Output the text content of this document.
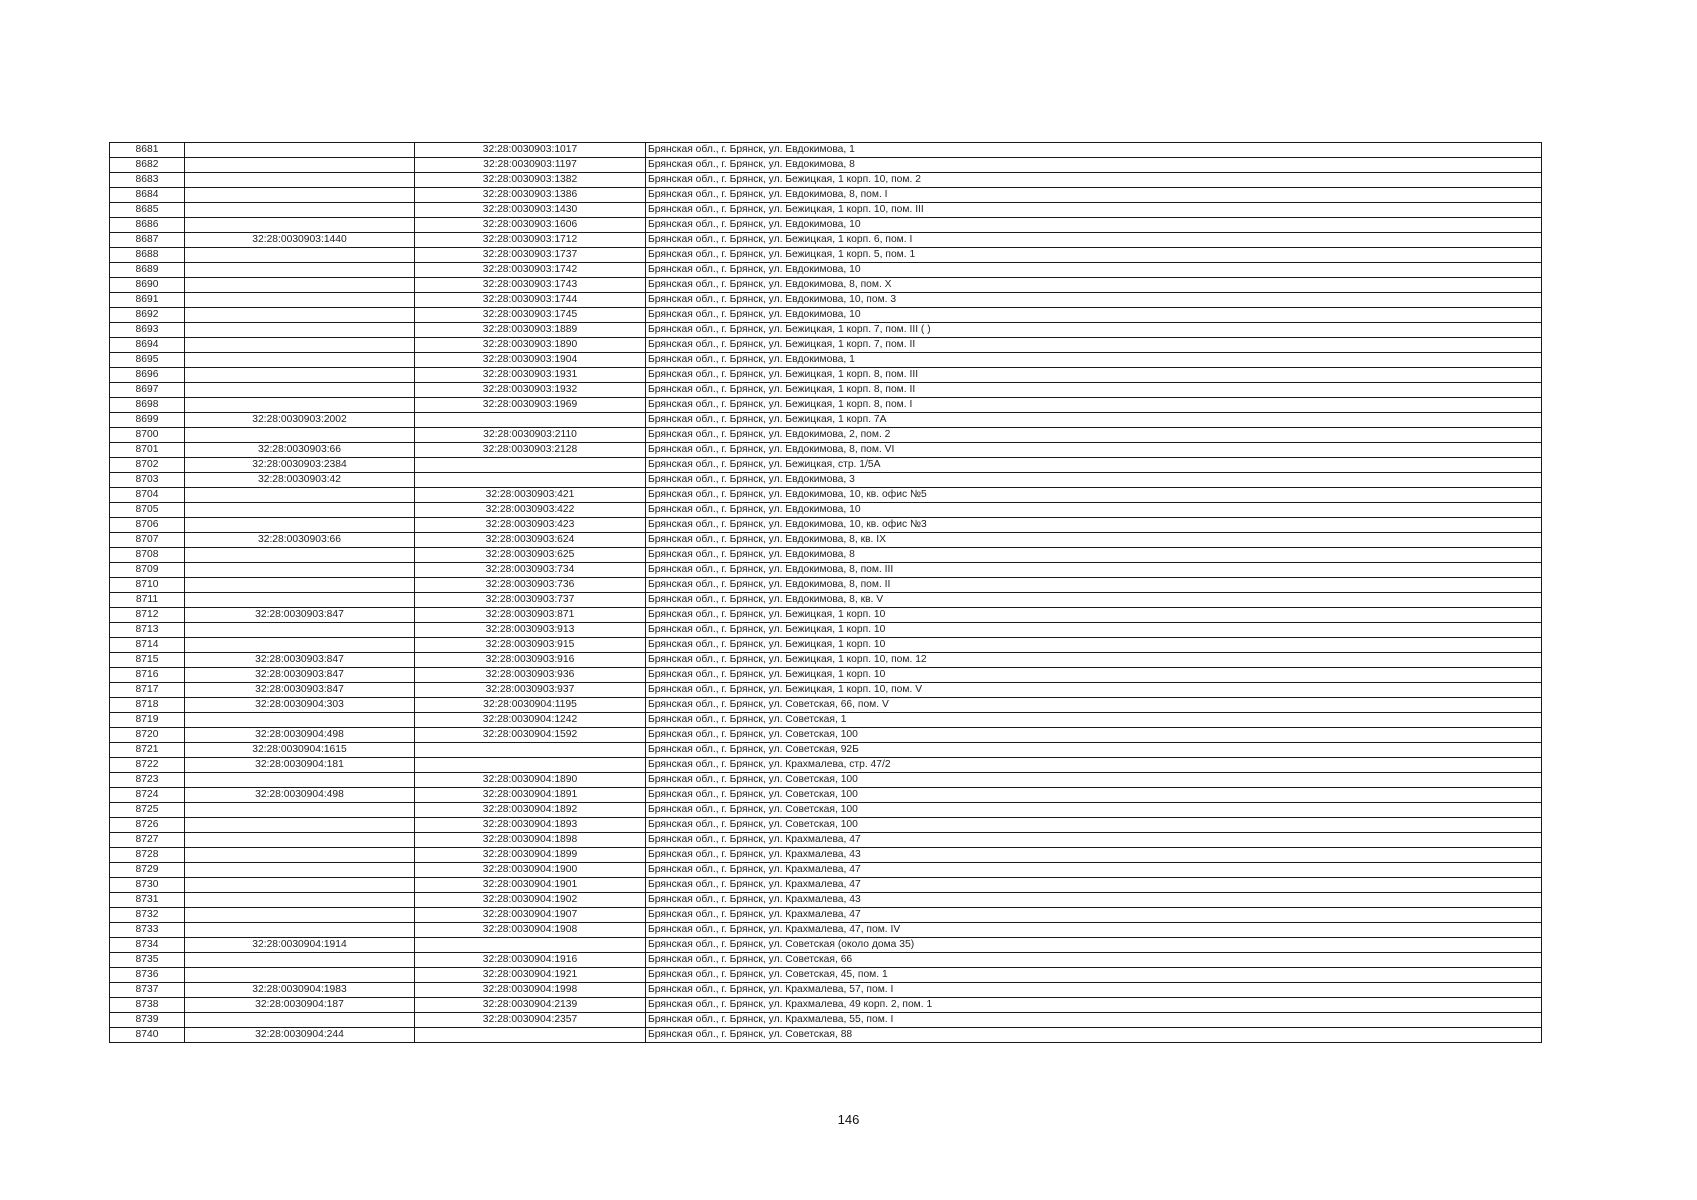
8681		32:28:0030903:1017	Брянская обл., г. Брянск, ул. Евдокимова, 1
8682		32:28:0030903:1197	Брянская обл., г. Брянск, ул. Евдокимова, 8
8683		32:28:0030903:1382	Брянская обл., г. Брянск, ул. Бежицкая, 1 корп. 10, пом. 2
8684		32:28:0030903:1386	Брянская обл., г. Брянск, ул. Евдокимова, 8, пом. I
8685		32:28:0030903:1430	Брянская обл., г. Брянск, ул. Бежицкая, 1 корп. 10, пом. III
8686		32:28:0030903:1606	Брянская обл., г. Брянск, ул. Евдокимова, 10
8687	32:28:0030903:1440	32:28:0030903:1712	Брянская обл., г. Брянск, ул. Бежицкая, 1 корп. 6, пом. I
8688		32:28:0030903:1737	Брянская обл., г. Брянск, ул. Бежицкая, 1 корп. 5, пом. 1
8689		32:28:0030903:1742	Брянская обл., г. Брянск, ул. Евдокимова, 10
8690		32:28:0030903:1743	Брянская обл., г. Брянск, ул. Евдокимова, 8, пом. X
8691		32:28:0030903:1744	Брянская обл., г. Брянск, ул. Евдокимова, 10, пом. 3
8692		32:28:0030903:1745	Брянская обл., г. Брянск, ул. Евдокимова, 10
8693		32:28:0030903:1889	Брянская обл., г. Брянск, ул. Бежицкая, 1 корп. 7, пом. III ( )
8694		32:28:0030903:1890	Брянская обл., г. Брянск, ул. Бежицкая, 1 корп. 7, пом. II
8695		32:28:0030903:1904	Брянская обл., г. Брянск, ул. Евдокимова, 1
8696		32:28:0030903:1931	Брянская обл., г. Брянск, ул. Бежицкая, 1 корп. 8, пом. III
8697		32:28:0030903:1932	Брянская обл., г. Брянск, ул. Бежицкая, 1 корп. 8, пом. II
8698		32:28:0030903:1969	Брянская обл., г. Брянск, ул. Бежицкая, 1 корп. 8, пом. I
8699	32:28:0030903:2002		Брянская обл., г. Брянск, ул. Бежицкая, 1 корп. 7А
8700		32:28:0030903:2110	Брянская обл., г. Брянск, ул. Евдокимова, 2, пом. 2
8701	32:28:0030903:66	32:28:0030903:2128	Брянская обл., г. Брянск, ул. Евдокимова, 8, пом. VI
8702	32:28:0030903:2384		Брянская обл., г. Брянск, ул. Бежицкая, стр. 1/5А
8703	32:28:0030903:42		Брянская обл., г. Брянск, ул. Евдокимова, 3
8704		32:28:0030903:421	Брянская обл., г. Брянск, ул. Евдокимова, 10, кв. офис №5
8705		32:28:0030903:422	Брянская обл., г. Брянск, ул. Евдокимова, 10
8706		32:28:0030903:423	Брянская обл., г. Брянск, ул. Евдокимова, 10, кв. офис №3
8707	32:28:0030903:66	32:28:0030903:624	Брянская обл., г. Брянск, ул. Евдокимова, 8, кв. IX
8708		32:28:0030903:625	Брянская обл., г. Брянск, ул. Евдокимова, 8
8709		32:28:0030903:734	Брянская обл., г. Брянск, ул. Евдокимова, 8, пом. III
8710		32:28:0030903:736	Брянская обл., г. Брянск, ул. Евдокимова, 8, пом. II
8711		32:28:0030903:737	Брянская обл., г. Брянск, ул. Евдокимова, 8, кв. V
8712	32:28:0030903:847	32:28:0030903:871	Брянская обл., г. Брянск, ул. Бежицкая, 1 корп. 10
8713		32:28:0030903:913	Брянская обл., г. Брянск, ул. Бежицкая, 1 корп. 10
8714		32:28:0030903:915	Брянская обл., г. Брянск, ул. Бежицкая, 1 корп. 10
8715	32:28:0030903:847	32:28:0030903:916	Брянская обл., г. Брянск, ул. Бежицкая, 1 корп. 10, пом. 12
8716	32:28:0030903:847	32:28:0030903:936	Брянская обл., г. Брянск, ул. Бежицкая, 1 корп. 10
8717	32:28:0030903:847	32:28:0030903:937	Брянская обл., г. Брянск, ул. Бежицкая, 1 корп. 10, пом. V
8718	32:28:0030904:303	32:28:0030904:1195	Брянская обл., г. Брянск, ул. Советская, 66, пом. V
8719		32:28:0030904:1242	Брянская обл., г. Брянск, ул. Советская, 1
8720	32:28:0030904:498	32:28:0030904:1592	Брянская обл., г. Брянск, ул. Советская, 100
8721	32:28:0030904:1615		Брянская обл., г. Брянск, ул. Советская, 92Б
8722	32:28:0030904:181		Брянская обл., г. Брянск, ул. Крахмалева, стр. 47/2
8723		32:28:0030904:1890	Брянская обл., г. Брянск, ул. Советская, 100
8724	32:28:0030904:498	32:28:0030904:1891	Брянская обл., г. Брянск, ул. Советская, 100
8725		32:28:0030904:1892	Брянская обл., г. Брянск, ул. Советская, 100
8726		32:28:0030904:1893	Брянская обл., г. Брянск, ул. Советская, 100
8727		32:28:0030904:1898	Брянская обл., г. Брянск, ул. Крахмалева, 47
8728		32:28:0030904:1899	Брянская обл., г. Брянск, ул. Крахмалева, 43
8729		32:28:0030904:1900	Брянская обл., г. Брянск, ул. Крахмалева, 47
8730		32:28:0030904:1901	Брянская обл., г. Брянск, ул. Крахмалева, 47
8731		32:28:0030904:1902	Брянская обл., г. Брянск, ул. Крахмалева, 43
8732		32:28:0030904:1907	Брянская обл., г. Брянск, ул. Крахмалева, 47
8733		32:28:0030904:1908	Брянская обл., г. Брянск, ул. Крахмалева, 47, пом. IV
8734	32:28:0030904:1914		Брянская обл., г. Брянск, ул. Советская (около дома 35)
8735		32:28:0030904:1916	Брянская обл., г. Брянск, ул. Советская, 66
8736		32:28:0030904:1921	Брянская обл., г. Брянск, ул. Советская, 45, пом. 1
8737	32:28:0030904:1983	32:28:0030904:1998	Брянская обл., г. Брянск, ул. Крахмалева, 57, пом. I
8738	32:28:0030904:187	32:28:0030904:2139	Брянская обл., г. Брянск, ул. Крахмалева, 49 корп. 2, пом. 1
8739		32:28:0030904:2357	Брянская обл., г. Брянск, ул. Крахмалева, 55, пом. I
8740	32:28:0030904:244		Брянская обл., г. Брянск, ул. Советская, 88
146
